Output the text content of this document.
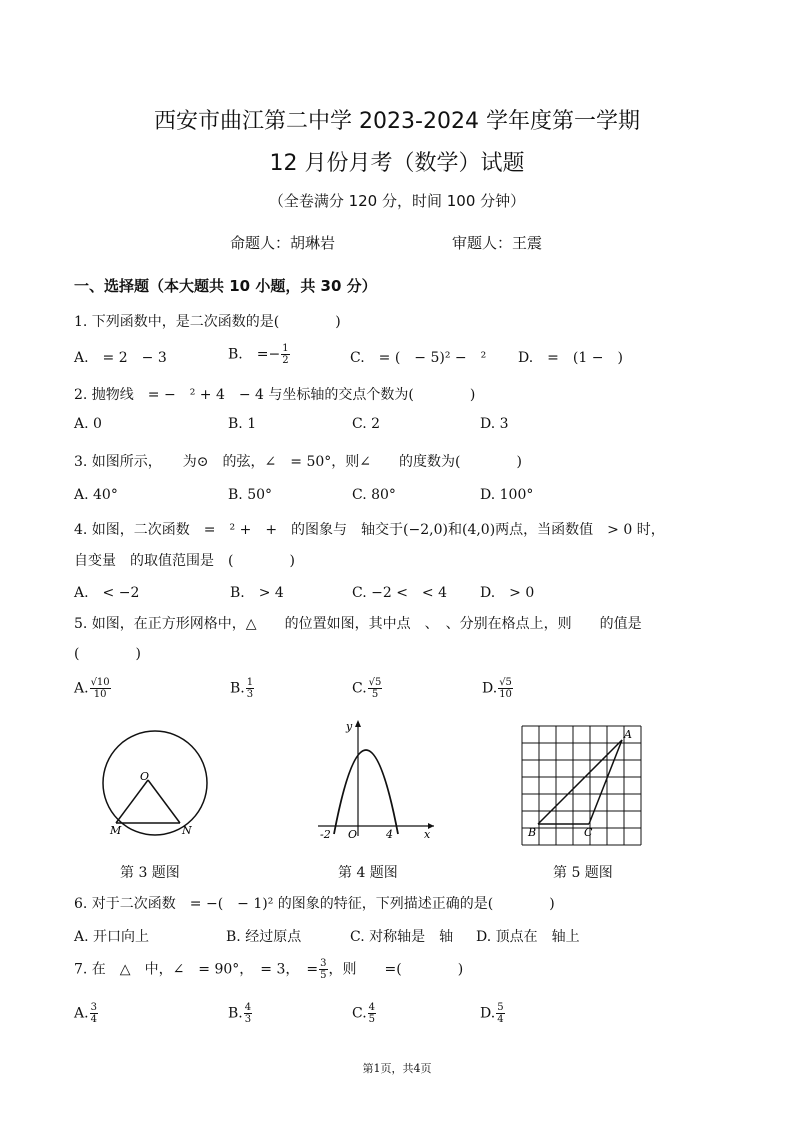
西安市曲江第二中学 2023-2024 学年度第一学期
12 月份月考（数学）试题
（全卷满分 120 分，时间 100 分钟）
命题人：胡琳岩	审题人：王震
一、选择题（本大题共 10 小题，共 30 分）
1. 下列函数中，是二次函数的是(　　　　)
A.　= 2　− 3	B.　=− $\frac{1}{2}$	C.　= (　− 5)² −　² D.　=　(1 −　)
2. 抛物线　= −　² + 4　− 4 与坐标轴的交点个数为(　　　　)
A. 0	B. 1	C. 2	D. 3
3. 如图所示，　　为⊙　的弦，∠　= 50°，则∠　　的度数为(　　　　)
A. 40°	B. 50°	C. 80°	D. 100°
4. 如图，二次函数　=　² +　+　的图象与　轴交于(−2,0)和(4,0)两点，当函数值　> 0 时，
自变量　的取值范围是　(　　　　)
A.　< −2	B.　> 4	C. −2 <　< 4 D.　> 0
5. 如图，在正方形网格中，△　　的位置如图，其中点　、　、分别在格点上，则　　的值是
(　　　　)
A. $\frac{√10}{10}$	B. $\frac{1}{3}$	C. $\frac{√5}{5}$	D. $\frac{√5}{10}$
O
M	N
第 3 题图
y
x
O
-2	4
第 4 题图
A
B	C
第 5 题图
6. 对于二次函数　= −(　− 1)² 的图象的特征，下列描述正确的是(　　　　)
A. 开口向上	B. 经过原点	C. 对称轴是　轴 D. 顶点在　轴上
7. 在　△　中，∠　= 90°，　= 3，　= $\frac{3}{5}$ ，则　　=(　　　　)
A. $\frac{3}{4}$	B. $\frac{4}{3}$	C. $\frac{4}{5}$	D. $\frac{5}{4}$
第1页，共4页
